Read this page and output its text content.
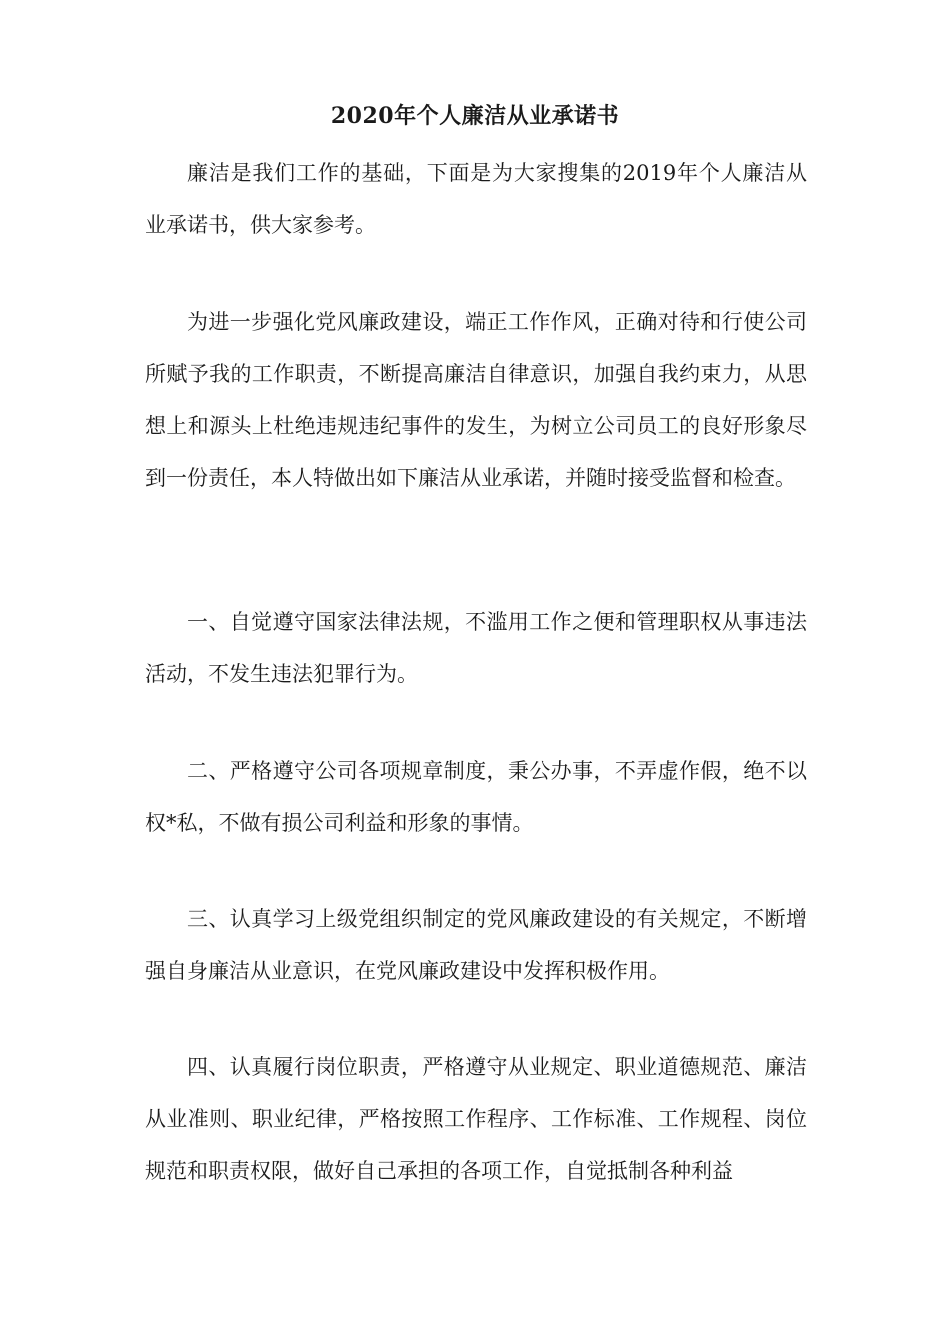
2020年个人廉洁从业承诺书

廉洁是我们工作的基础，下面是为大家搜集的2019年个人廉洁从业承诺书，供大家参考。

为进一步强化党风廉政建设，端正工作作风，正确对待和行使公司所赋予我的工作职责，不断提高廉洁自律意识，加强自我约束力，从思想上和源头上杜绝违规违纪事件的发生，为树立公司员工的良好形象尽到一份责任，本人特做出如下廉洁从业承诺，并随时接受监督和检查。

一、自觉遵守国家法律法规，不滥用工作之便和管理职权从事违法活动，不发生违法犯罪行为。

二、严格遵守公司各项规章制度，秉公办事，不弄虚作假，绝不以权*私，不做有损公司利益和形象的事情。

三、认真学习上级党组织制定的党风廉政建设的有关规定，不断增强自身廉洁从业意识，在党风廉政建设中发挥积极作用。

四、认真履行岗位职责，严格遵守从业规定、职业道德规范、廉洁从业准则、职业纪律，严格按照工作程序、工作标准、工作规程、岗位规范和职责权限，做好自己承担的各项工作，自觉抵制各种利益
